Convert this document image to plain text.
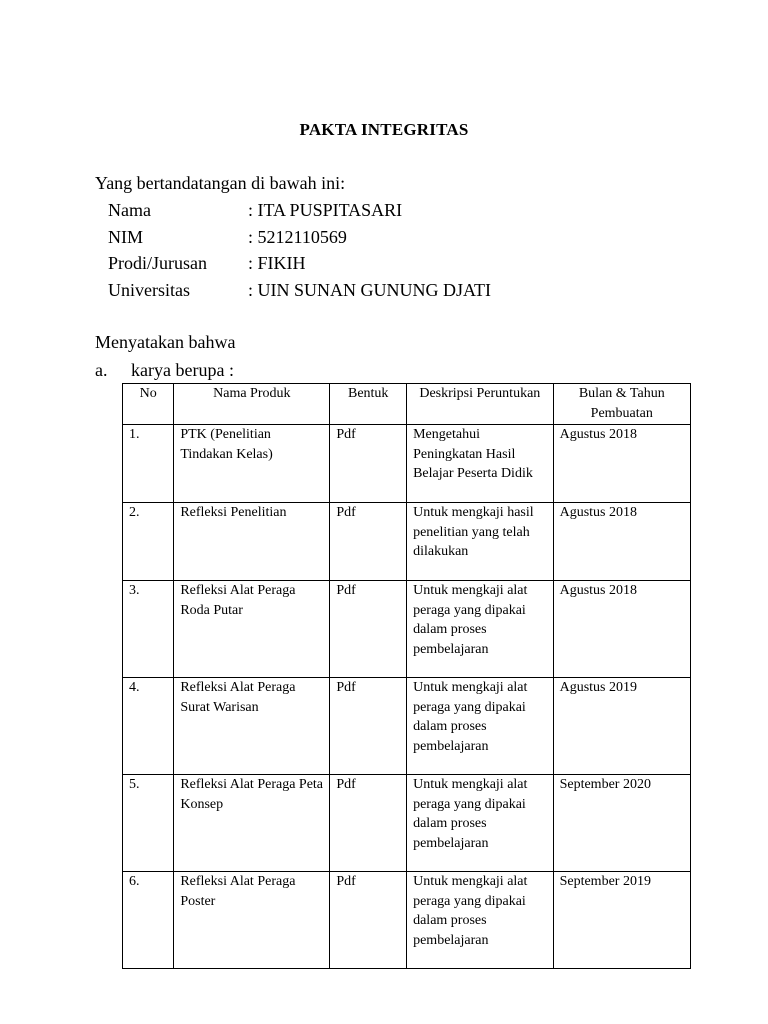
PAKTA INTEGRITAS
Yang bertandatangan di bawah ini:
Nama	: ITA PUSPITASARI
NIM	: 5212110569
Prodi/Jurusan : FIKIH
Universitas	: UIN SUNAN GUNUNG DJATI
Menyatakan bahwa
a. karya berupa :
No	Nama Produk	Bentuk	Deskripsi Peruntukan	Bulan & Tahun Pembuatan
1.	PTK (Penelitian Tindakan Kelas)	Pdf	Mengetahui Peningkatan Hasil Belajar Peserta Didik	Agustus 2018
2.	Refleksi Penelitian	Pdf	Untuk mengkaji hasil penelitian yang telah dilakukan	Agustus 2018
3.	Refleksi Alat Peraga Roda Putar	Pdf	Untuk mengkaji alat peraga yang dipakai dalam proses pembelajaran	Agustus 2018
4.	Refleksi Alat Peraga Surat Warisan	Pdf	Untuk mengkaji alat peraga yang dipakai dalam proses pembelajaran	Agustus 2019
5.	Refleksi Alat Peraga Peta Konsep	Pdf	Untuk mengkaji alat peraga yang dipakai dalam proses pembelajaran	September 2020
6.	Refleksi Alat Peraga Poster	Pdf	Untuk mengkaji alat peraga yang dipakai dalam proses pembelajaran	September 2019
